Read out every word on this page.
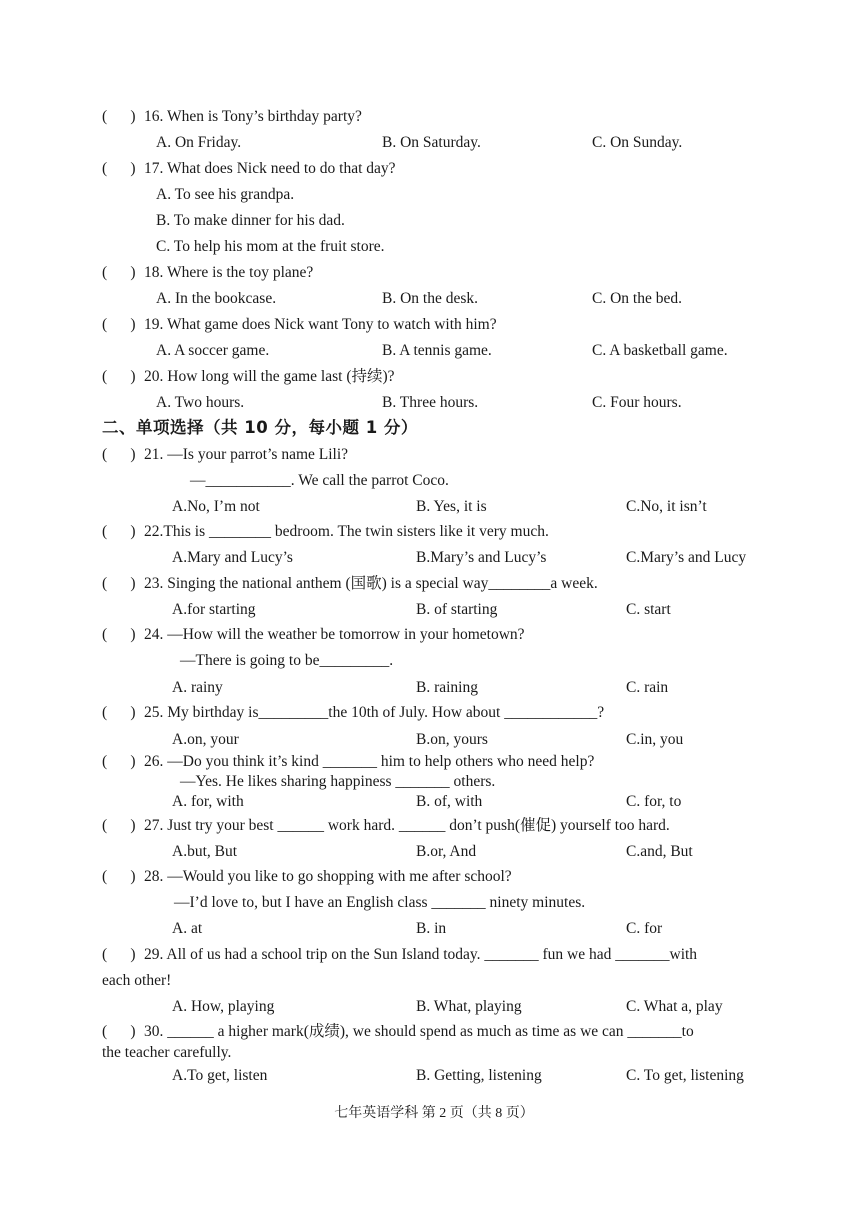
(      ) 16. When is Tony’s birthday party?
A. On Friday.	B. On Saturday.	C. On Sunday.
(      ) 17. What does Nick need to do that day?
A. To see his grandpa.
B. To make dinner for his dad.
C. To help his mom at the fruit store.
(      ) 18. Where is the toy plane?
A. In the bookcase.	B. On the desk.	C. On the bed.
(      ) 19. What game does Nick want Tony to watch with him?
A. A soccer game.	B. A tennis game.	C. A basketball game.
(      ) 20. How long will the game last (持续)?
A. Two hours.	B. Three hours.	C. Four hours.
二、单项选择（共 10 分，每小题 1 分）
(      ) 21. —Is your parrot’s name Lili?
—___________. We call the parrot Coco.
A.No, I’m not	B. Yes, it is	C.No, it isn’t
(      ) 22.This is ________ bedroom. The twin sisters like it very much.
A.Mary and Lucy’s	B.Mary’s and Lucy’s	C.Mary’s and Lucy
(      ) 23. Singing the national anthem (国歌) is a special way________a week.
A.for starting	B. of starting	C. start
(      ) 24. —How will the weather be tomorrow in your hometown?
—There is going to be_________.
A. rainy	B. raining	C. rain
(      ) 25. My birthday is_________the 10th of July. How about ____________?
A.on, your	B.on, yours	C.in, you
(      ) 26. —Do you think it’s kind _______ him to help others who need help?
—Yes. He likes sharing happiness _______ others.
A. for, with	B. of, with	C. for, to
(      ) 27. Just try your best ______ work hard. ______ don’t push(催促) yourself too hard.
A.but, But	B.or, And	C.and, But
(      ) 28. —Would you like to go shopping with me after school?
—I’d love to, but I have an English class _______ ninety minutes.
A. at	B. in	C. for
(      ) 29. All of us had a school trip on the Sun Island today. _______ fun we had _______with
each other!
A. How, playing	B. What, playing	C. What a, play
(      ) 30. ______ a higher mark(成绩), we should spend as much as time as we can _______to
the teacher carefully.
A.To get, listen	B. Getting, listening	C. To get, listening
七年英语学科 第 2 页（共 8 页）
